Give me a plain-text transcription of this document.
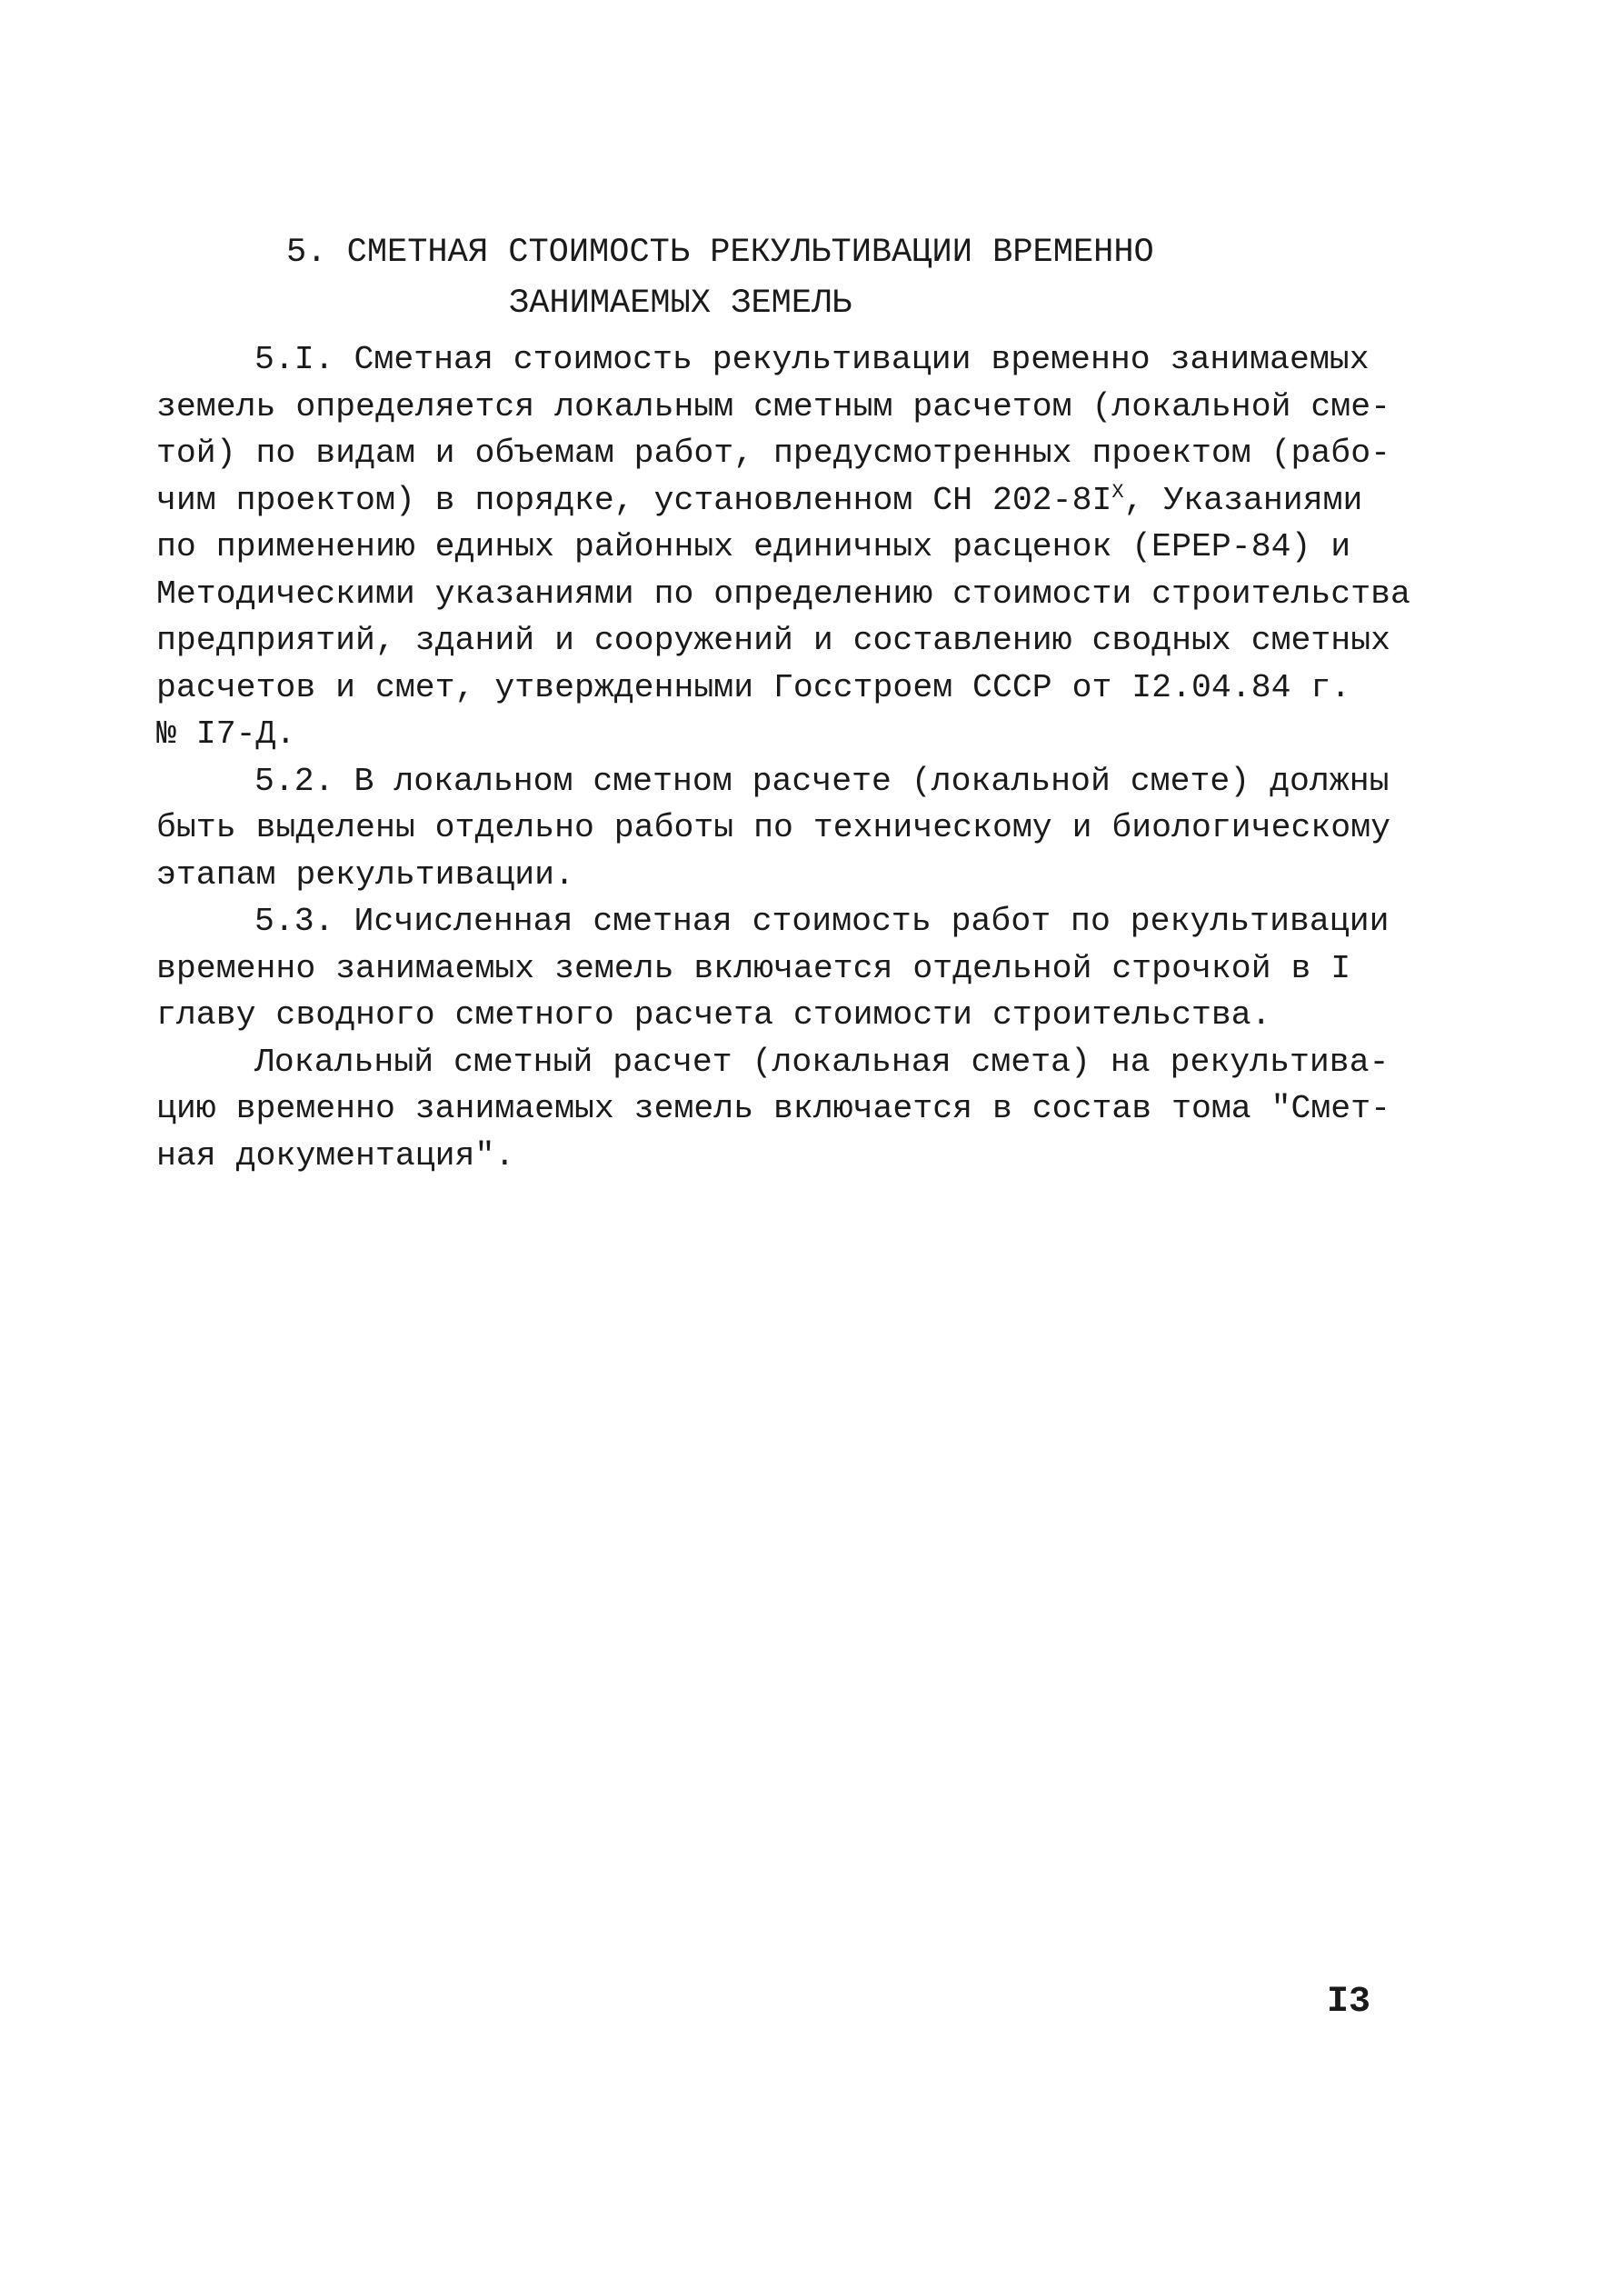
5. СМЕТНАЯ СТОИМОСТЬ РЕКУЛЬТИВАЦИИ ВРЕМЕННО
ЗАНИМАЕМЫХ ЗЕМЕЛЬ
5.I. Сметная стоимость рекультивации временно занимаемых
земель определяется локальным сметным расчетом (локальной сме-
той) по видам и объемам работ, предусмотренных проектом (рабо-
чим проектом) в порядке, установленном СН $202-8I^X$, Указаниями
по применению единых районных единичных расценок (ЕРЕР-84) и
Методическими указаниями по определению стоимости строительства
предприятий, зданий и сооружений и составлению сводных сметных
расчетов и смет, утвержденными Госстроем СССР от I2.04.84 г.
№ I7-Д.
5.2. В локальном сметном расчете (локальной смете) должны
быть выделены отдельно работы по техническому и биологическому
этапам рекультивации.
5.3. Исчисленная сметная стоимость работ по рекультивации
временно занимаемых земель включается отдельной строчкой в I
главу сводного сметного расчета стоимости строительства.
Локальный сметный расчет (локальная смета) на рекультива-
цию временно занимаемых земель включается в состав тома "Смет-
ная документация".
I3
